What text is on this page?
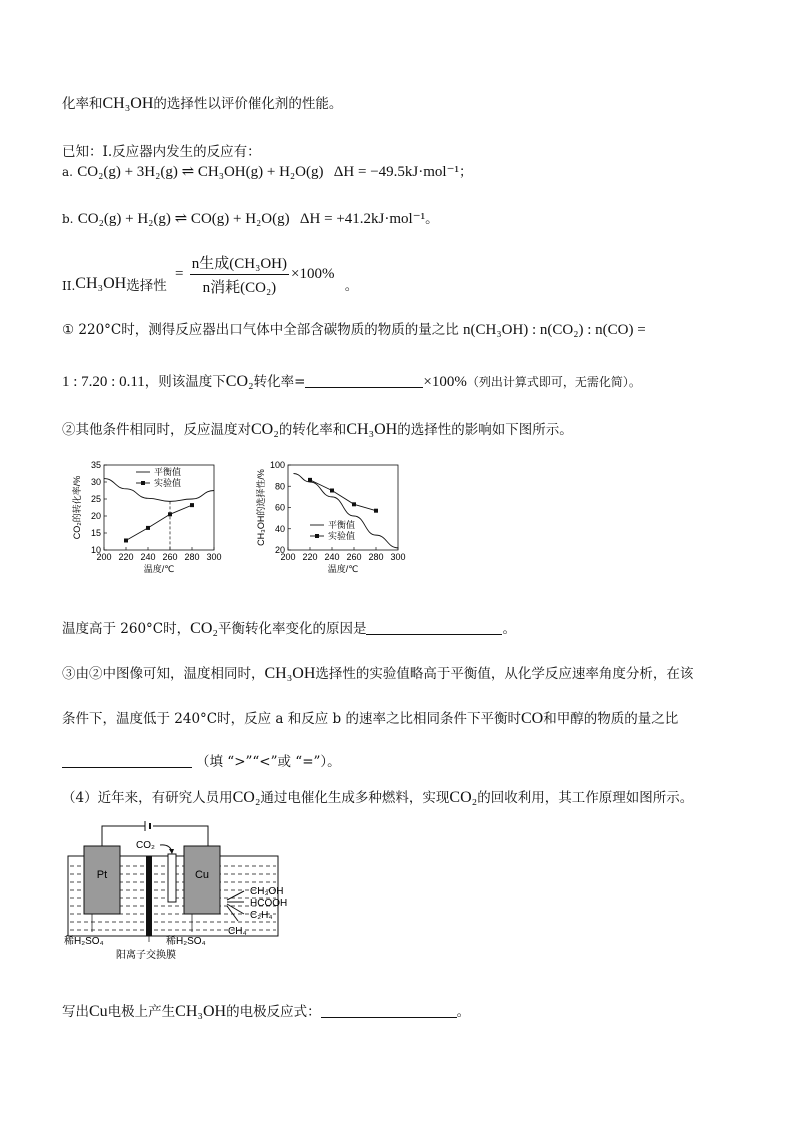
化率和CH₃OH的选择性以评价催化剂的性能。
已知：I.反应器内发生的反应有：
a. CO₂(g) + 3H₂(g) ⇌ CH₃OH(g) + H₂O(g) ΔH = −49.5kJ·mol⁻¹；
b. CO₂(g) + H₂(g) ⇌ CO(g) + H₂O(g) ΔH = +41.2kJ·mol⁻¹。
II.CH₃OH选择性 = $\frac{\text{n生成(CH₃OH)}}{\text{n消耗(CO₂)}} \times 100\%$ 。
① 220°C时，测得反应器出口气体中全部含碳物质的物质的量之比 n(CH₃OH) : n(CO₂) : n(CO) =
1 : 7.20 : 0.11，则该温度下CO₂转化率=	×100%（列出计算式即可，无需化简）。
②其他条件相同时，反应温度对CO₂的转化率和CH₃OH的选择性的影响如下图所示。
200 220 240 260 280 300
10
15
20
25
30
35
温度/℃
CO₂的转化率/%
平衡值
实验值
200 220 240 260 280 300
20
40
60
80
100
温度/℃
CH₃OH的选择性/%	平衡值
实验值
温度高于 260°C时，CO₂平衡转化率变化的原因是	。
③由②中图像可知，温度相同时，CH₃OH选择性的实验值略高于平衡值，从化学反应速率角度分析，在该
条件下，温度低于 240°C时，反应 a 和反应 b 的速率之比相同条件下平衡时CO和甲醇的物质的量之比
（填 “>”“<”或 “=”）。
（4）近年来，有研究人员用CO₂通过电催化生成多种燃料，实现CO₂的回收利用，其工作原理如图所示。
Pt	Cu
CO₂
CH₃OH
HCOOH
C₂H₄
CH₄
稀H₂SO₄	稀H₂SO₄
阳离子交换膜
写出Cu电极上产生CH₃OH的电极反应式：	。
